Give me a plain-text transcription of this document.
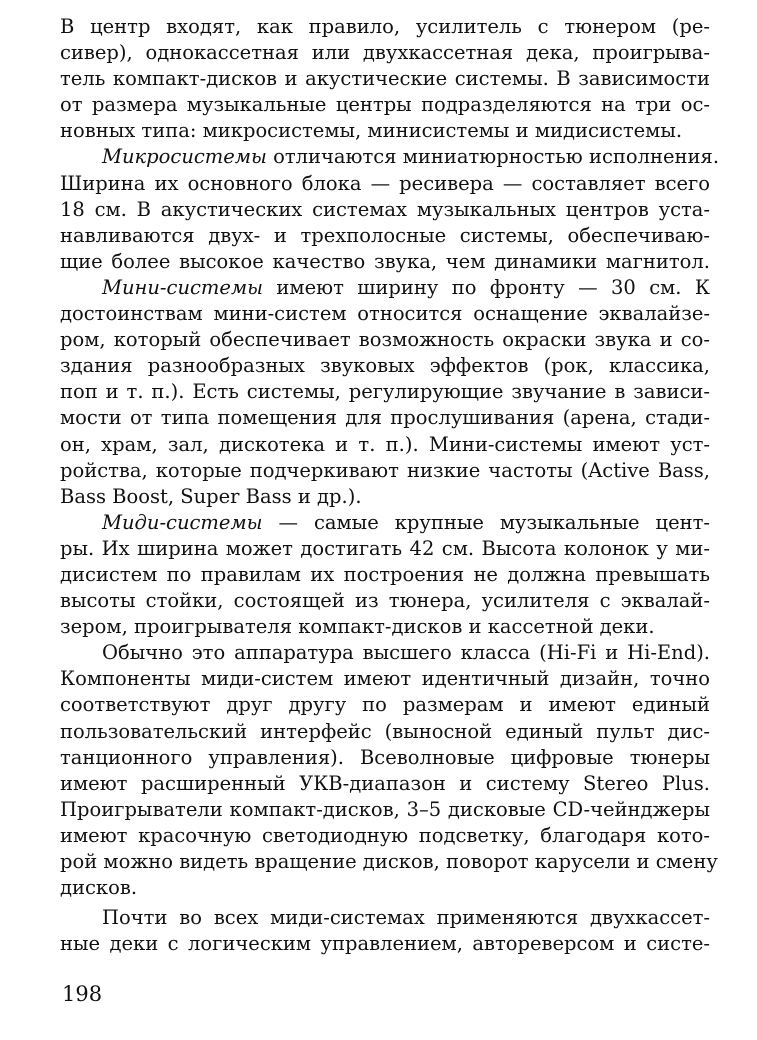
В центр входят, как правило, усилитель с тюнером (ре-
сивер), однокассетная или двухкассетная дека, проигрыва-
тель компакт-дисков и акустические системы. В зависимости
от размера музыкальные центры подразделяются на три ос-
новных типа: микросистемы, минисистемы и мидисистемы.
Микросистемы отличаются миниатюрностью исполнения.
Ширина их основного блока — ресивера — составляет всего
18 см. В акустических системах музыкальных центров уста-
навливаются двух- и трехполосные системы, обеспечиваю-
щие более высокое качество звука, чем динамики магнитол.
Мини-системы имеют ширину по фронту — 30 см. К
достоинствам мини-систем относится оснащение эквалайзе-
ром, который обеспечивает возможность окраски звука и со-
здания разнообразных звуковых эффектов (рок, классика,
поп и т. п.). Есть системы, регулирующие звучание в зависи-
мости от типа помещения для прослушивания (арена, стади-
он, храм, зал, дискотека и т. п.). Мини-системы имеют уст-
ройства, которые подчеркивают низкие частоты (Active Bass,
Bass Boost, Super Bass и др.).
Миди-системы — самые крупные музыкальные цент-
ры. Их ширина может достигать 42 см. Высота колонок у ми-
дисистем по правилам их построения не должна превышать
высоты стойки, состоящей из тюнера, усилителя с эквалай-
зером, проигрывателя компакт-дисков и кассетной деки.
Обычно это аппаратура высшего класса (Hi-Fi и Hi-End).
Компоненты миди-систем имеют идентичный дизайн, точно
соответствуют друг другу по размерам и имеют единый
пользовательский интерфейс (выносной единый пульт дис-
танционного управления). Всеволновые цифровые тюнеры
имеют расширенный УКВ-диапазон и систему Stereo Plus.
Проигрыватели компакт-дисков, 3–5 дисковые CD-чейнджеры
имеют красочную светодиодную подсветку, благодаря кото-
рой можно видеть вращение дисков, поворот карусели и смену
дисков.
Почти во всех миди-системах применяются двухкассет-
ные деки с логическим управлением, автореверсом и систе-
198
